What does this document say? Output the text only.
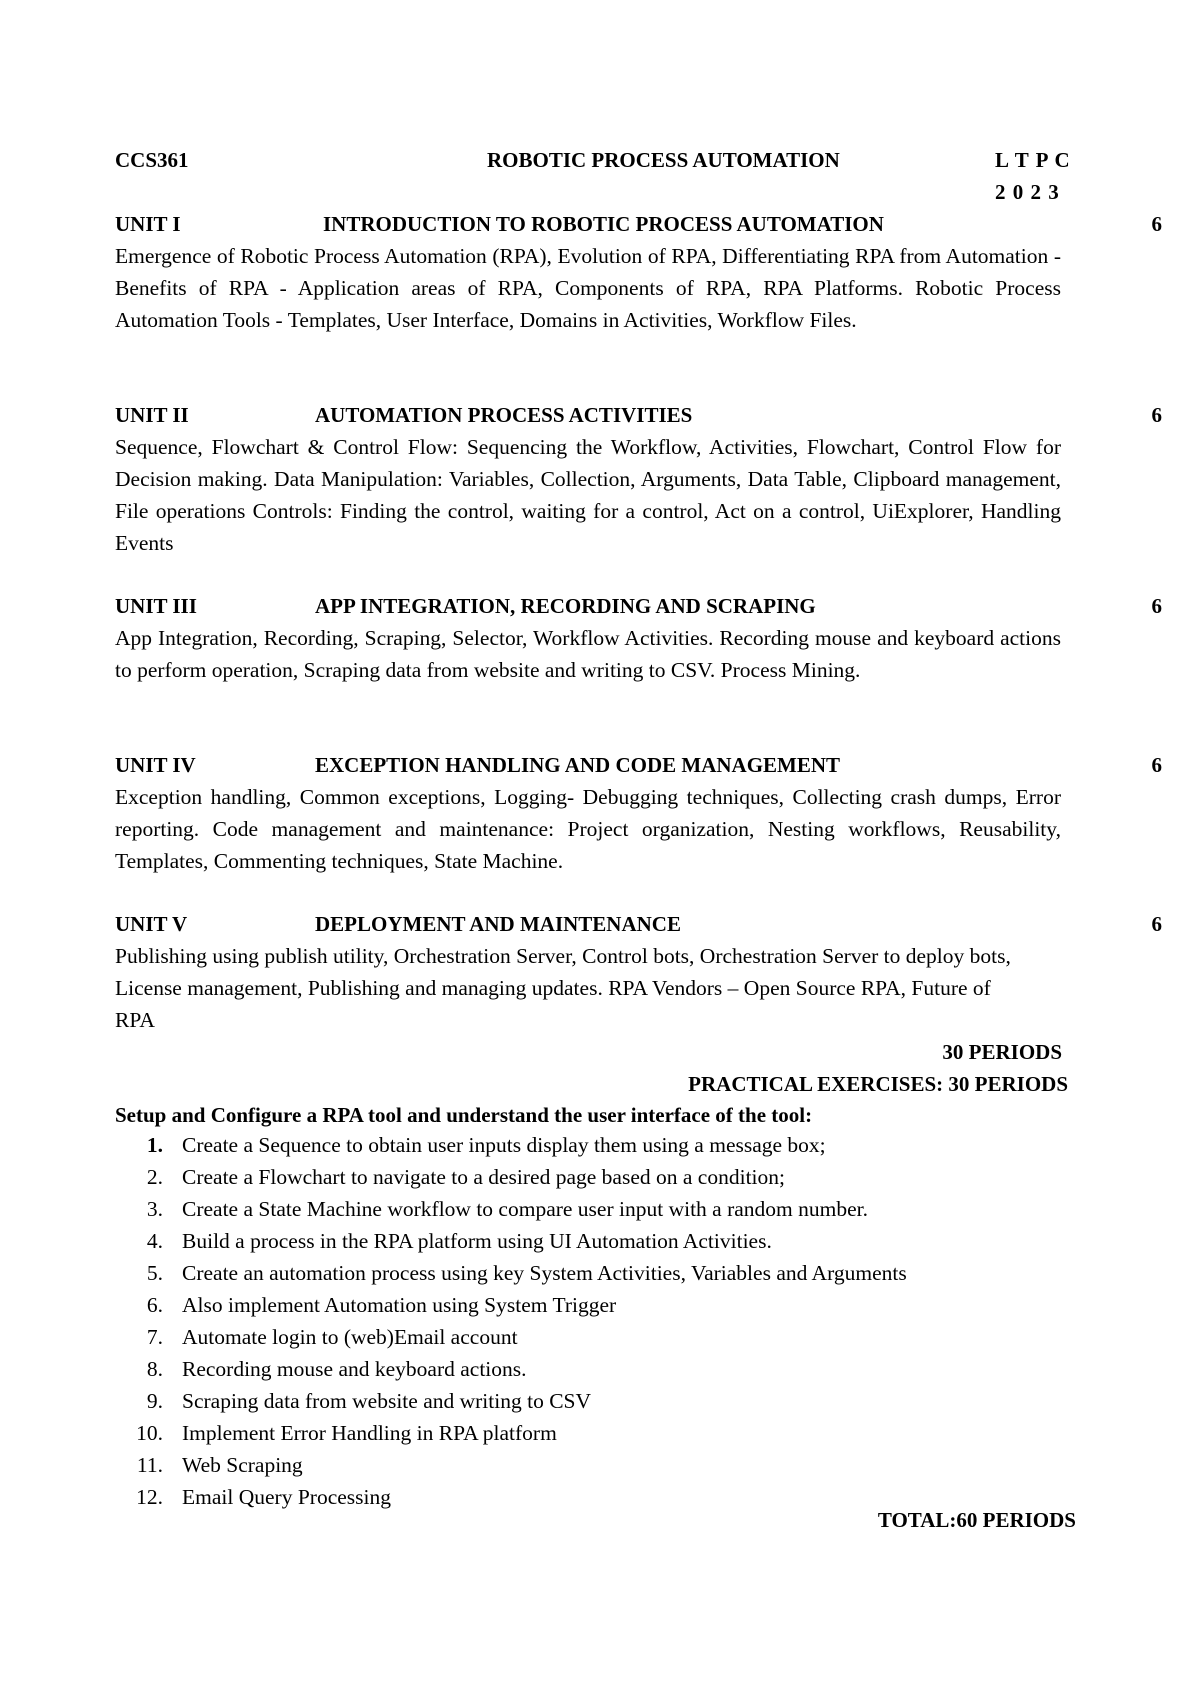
CCS361	ROBOTIC PROCESS AUTOMATION	L T P C
2 0 2 3
UNIT I	INTRODUCTION TO ROBOTIC PROCESS AUTOMATION	6
Emergence of Robotic Process Automation (RPA), Evolution of RPA, Differentiating RPA from Automation - Benefits of RPA - Application areas of RPA, Components of RPA, RPA Platforms. Robotic Process Automation Tools - Templates, User Interface, Domains in Activities, Workflow Files.
UNIT II	AUTOMATION PROCESS ACTIVITIES	6
Sequence, Flowchart & Control Flow: Sequencing the Workflow, Activities, Flowchart, Control Flow for Decision making. Data Manipulation: Variables, Collection, Arguments, Data Table, Clipboard management, File operations Controls: Finding the control, waiting for a control, Act on a control, UiExplorer, Handling Events
UNIT III	APP INTEGRATION, RECORDING AND SCRAPING	6
App Integration, Recording, Scraping, Selector, Workflow Activities. Recording mouse and keyboard actions to perform operation, Scraping data from website and writing to CSV. Process Mining.
UNIT IV	EXCEPTION HANDLING AND CODE MANAGEMENT	6
Exception handling, Common exceptions, Logging- Debugging techniques, Collecting crash dumps, Error reporting. Code management and maintenance: Project organization, Nesting workflows, Reusability, Templates, Commenting techniques, State Machine.
UNIT V	DEPLOYMENT AND MAINTENANCE	6
Publishing using publish utility, Orchestration Server, Control bots, Orchestration Server to deploy bots, License management, Publishing and managing updates. RPA Vendors – Open Source RPA, Future of RPA
30 PERIODS
PRACTICAL EXERCISES: 30 PERIODS
Setup and Configure a RPA tool and understand the user interface of the tool:
1. Create a Sequence to obtain user inputs display them using a message box;
2. Create a Flowchart to navigate to a desired page based on a condition;
3. Create a State Machine workflow to compare user input with a random number.
4. Build a process in the RPA platform using UI Automation Activities.
5. Create an automation process using key System Activities, Variables and Arguments
6. Also implement Automation using System Trigger
7. Automate login to (web)Email account
8. Recording mouse and keyboard actions.
9. Scraping data from website and writing to CSV
10. Implement Error Handling in RPA platform
11. Web Scraping
12. Email Query Processing
TOTAL:60 PERIODS
